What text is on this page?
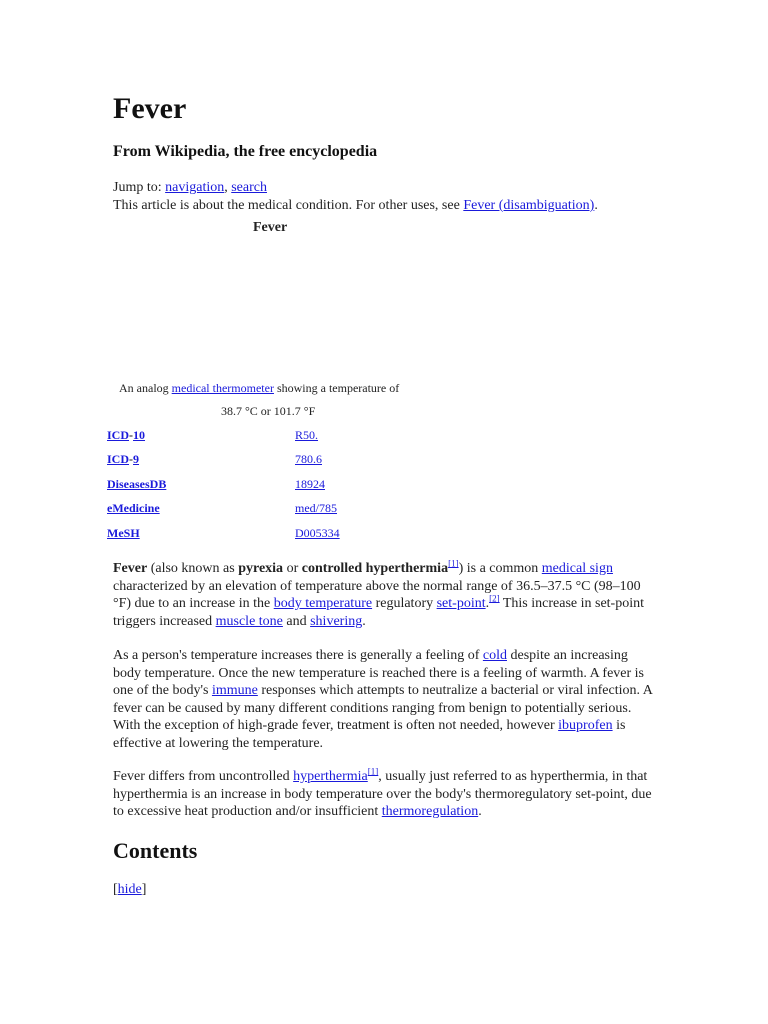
Fever
From Wikipedia, the free encyclopedia
Jump to: navigation, search
This article is about the medical condition. For other uses, see Fever (disambiguation).
Fever
An analog medical thermometer showing a temperature of
38.7 °C or 101.7 °F
ICD-10	R50.
ICD-9	780.6
DiseasesDB	18924
eMedicine	med/785
MeSH	D005334

Fever (also known as pyrexia or controlled hyperthermia[1]) is a common medical sign characterized by an elevation of temperature above the normal range of 36.5–37.5 °C (98–100 °F) due to an increase in the body temperature regulatory set-point.[2] This increase in set-point triggers increased muscle tone and shivering.

As a person's temperature increases there is generally a feeling of cold despite an increasing body temperature. Once the new temperature is reached there is a feeling of warmth. A fever is one of the body's immune responses which attempts to neutralize a bacterial or viral infection. A fever can be caused by many different conditions ranging from benign to potentially serious. With the exception of high-grade fever, treatment is often not needed, however ibuprofen is effective at lowering the temperature.

Fever differs from uncontrolled hyperthermia[1], usually just referred to as hyperthermia, in that hyperthermia is an increase in body temperature over the body's thermoregulatory set-point, due to excessive heat production and/or insufficient thermoregulation.

Contents
[hide]
